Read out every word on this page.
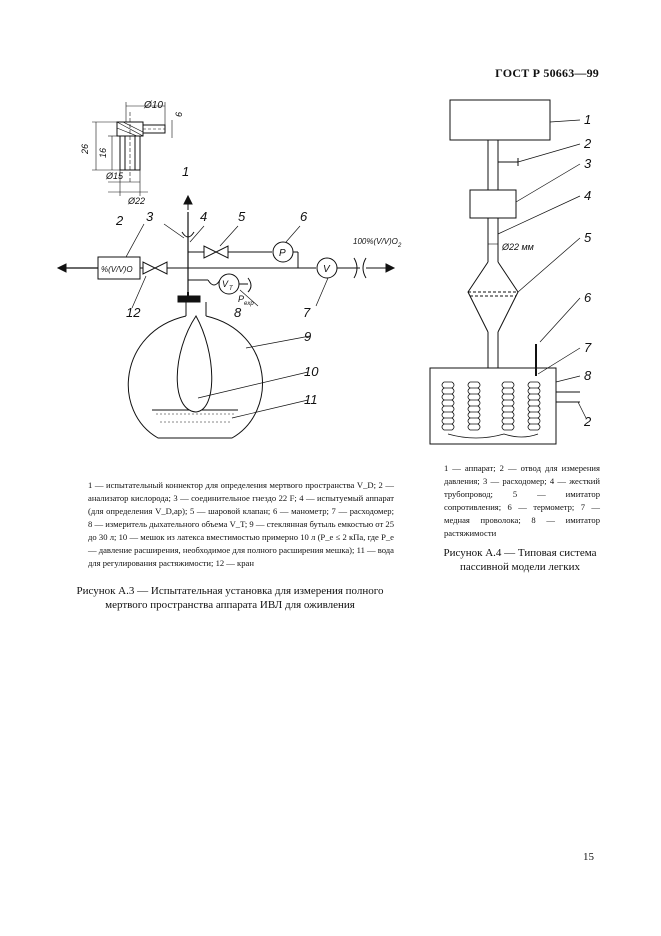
ГОСТ Р 50663—99
Ø10
6
26 16
Ø15
Ø22
1
2 3	4 5	6
7
8
9
10
11
12
%(V/V)O
P
V
V T
P exp
100%(V/V)O 2
1
2
3
4
5
6
7
8
2
Ø22 мм
1 — испытательный коннектор для определения мертвого пространства V_D; 2 — анализатор кислорода; 3 — соединительное гнездо 22 F; 4 — испытуемый аппарат (для определения V_D,ap); 5 — шаровой клапан; 6 — манометр; 7 — расходомер; 8 — измеритель дыхательного объема V_T; 9 — стеклянная бутыль емкостью от 25 до 30 л; 10 — мешок из латекса вместимостью примерно 10 л (P_e ≤ 2 кПа, где P_e — давление расширения, необходимое для полного расширения мешка); 11 — вода для регулирования растяжимости; 12 — кран
Рисунок А.3 — Испытательная установка для измерения полного мертвого пространства аппарата ИВЛ для оживления
1 — аппарат; 2 — отвод для измерения давления; 3 — расходомер; 4 — жесткий трубопровод; 5 — имитатор сопротивления; 6 — термометр; 7 — медная проволока; 8 — имитатор растяжимости
Рисунок А.4 — Типовая система пассивной модели легких
15
